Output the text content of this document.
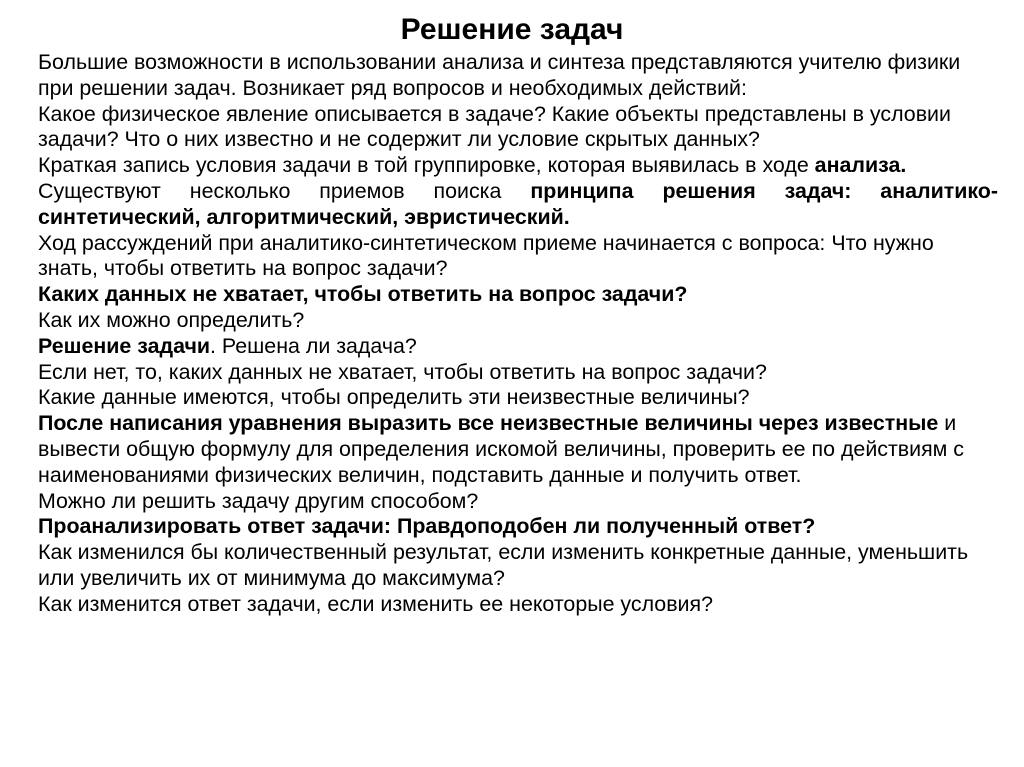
Решение задач

Большие возможности в использовании анализа и синтеза представляются учителю физики при решении задач. Возникает ряд вопросов и необходимых действий:

Какое физическое явление описывается в задаче? Какие объекты представлены в условии задачи? Что о них известно и не содержит ли условие скрытых данных?

Краткая запись условия задачи в той группировке, которая выявилась в ходе анализа.

Существуют несколько приемов поиска принципа решения задач: аналитико-синтетический, алгоритмический, эвристический.

Ход рассуждений при аналитико-синтетическом приеме начинается с вопроса: Что нужно знать, чтобы ответить на вопрос задачи?

Каких данных не хватает, чтобы ответить на вопрос задачи?

Как их можно определить?

Решение задачи. Решена ли задача?

Если нет, то, каких данных не хватает, чтобы ответить на вопрос задачи?

Какие данные имеются, чтобы определить эти неизвестные величины?

После написания уравнения выразить все неизвестные величины через известные и вывести общую формулу для определения искомой величины, проверить ее по действиям с наименованиями физических величин, подставить данные и получить ответ.

Можно ли решить задачу другим способом?

Проанализировать ответ задачи: Правдоподобен ли полученный ответ?

Как изменился бы количественный результат, если изменить конкретные данные, уменьшить или увеличить их от минимума до максимума?

Как изменится ответ задачи, если изменить ее некоторые условия?
